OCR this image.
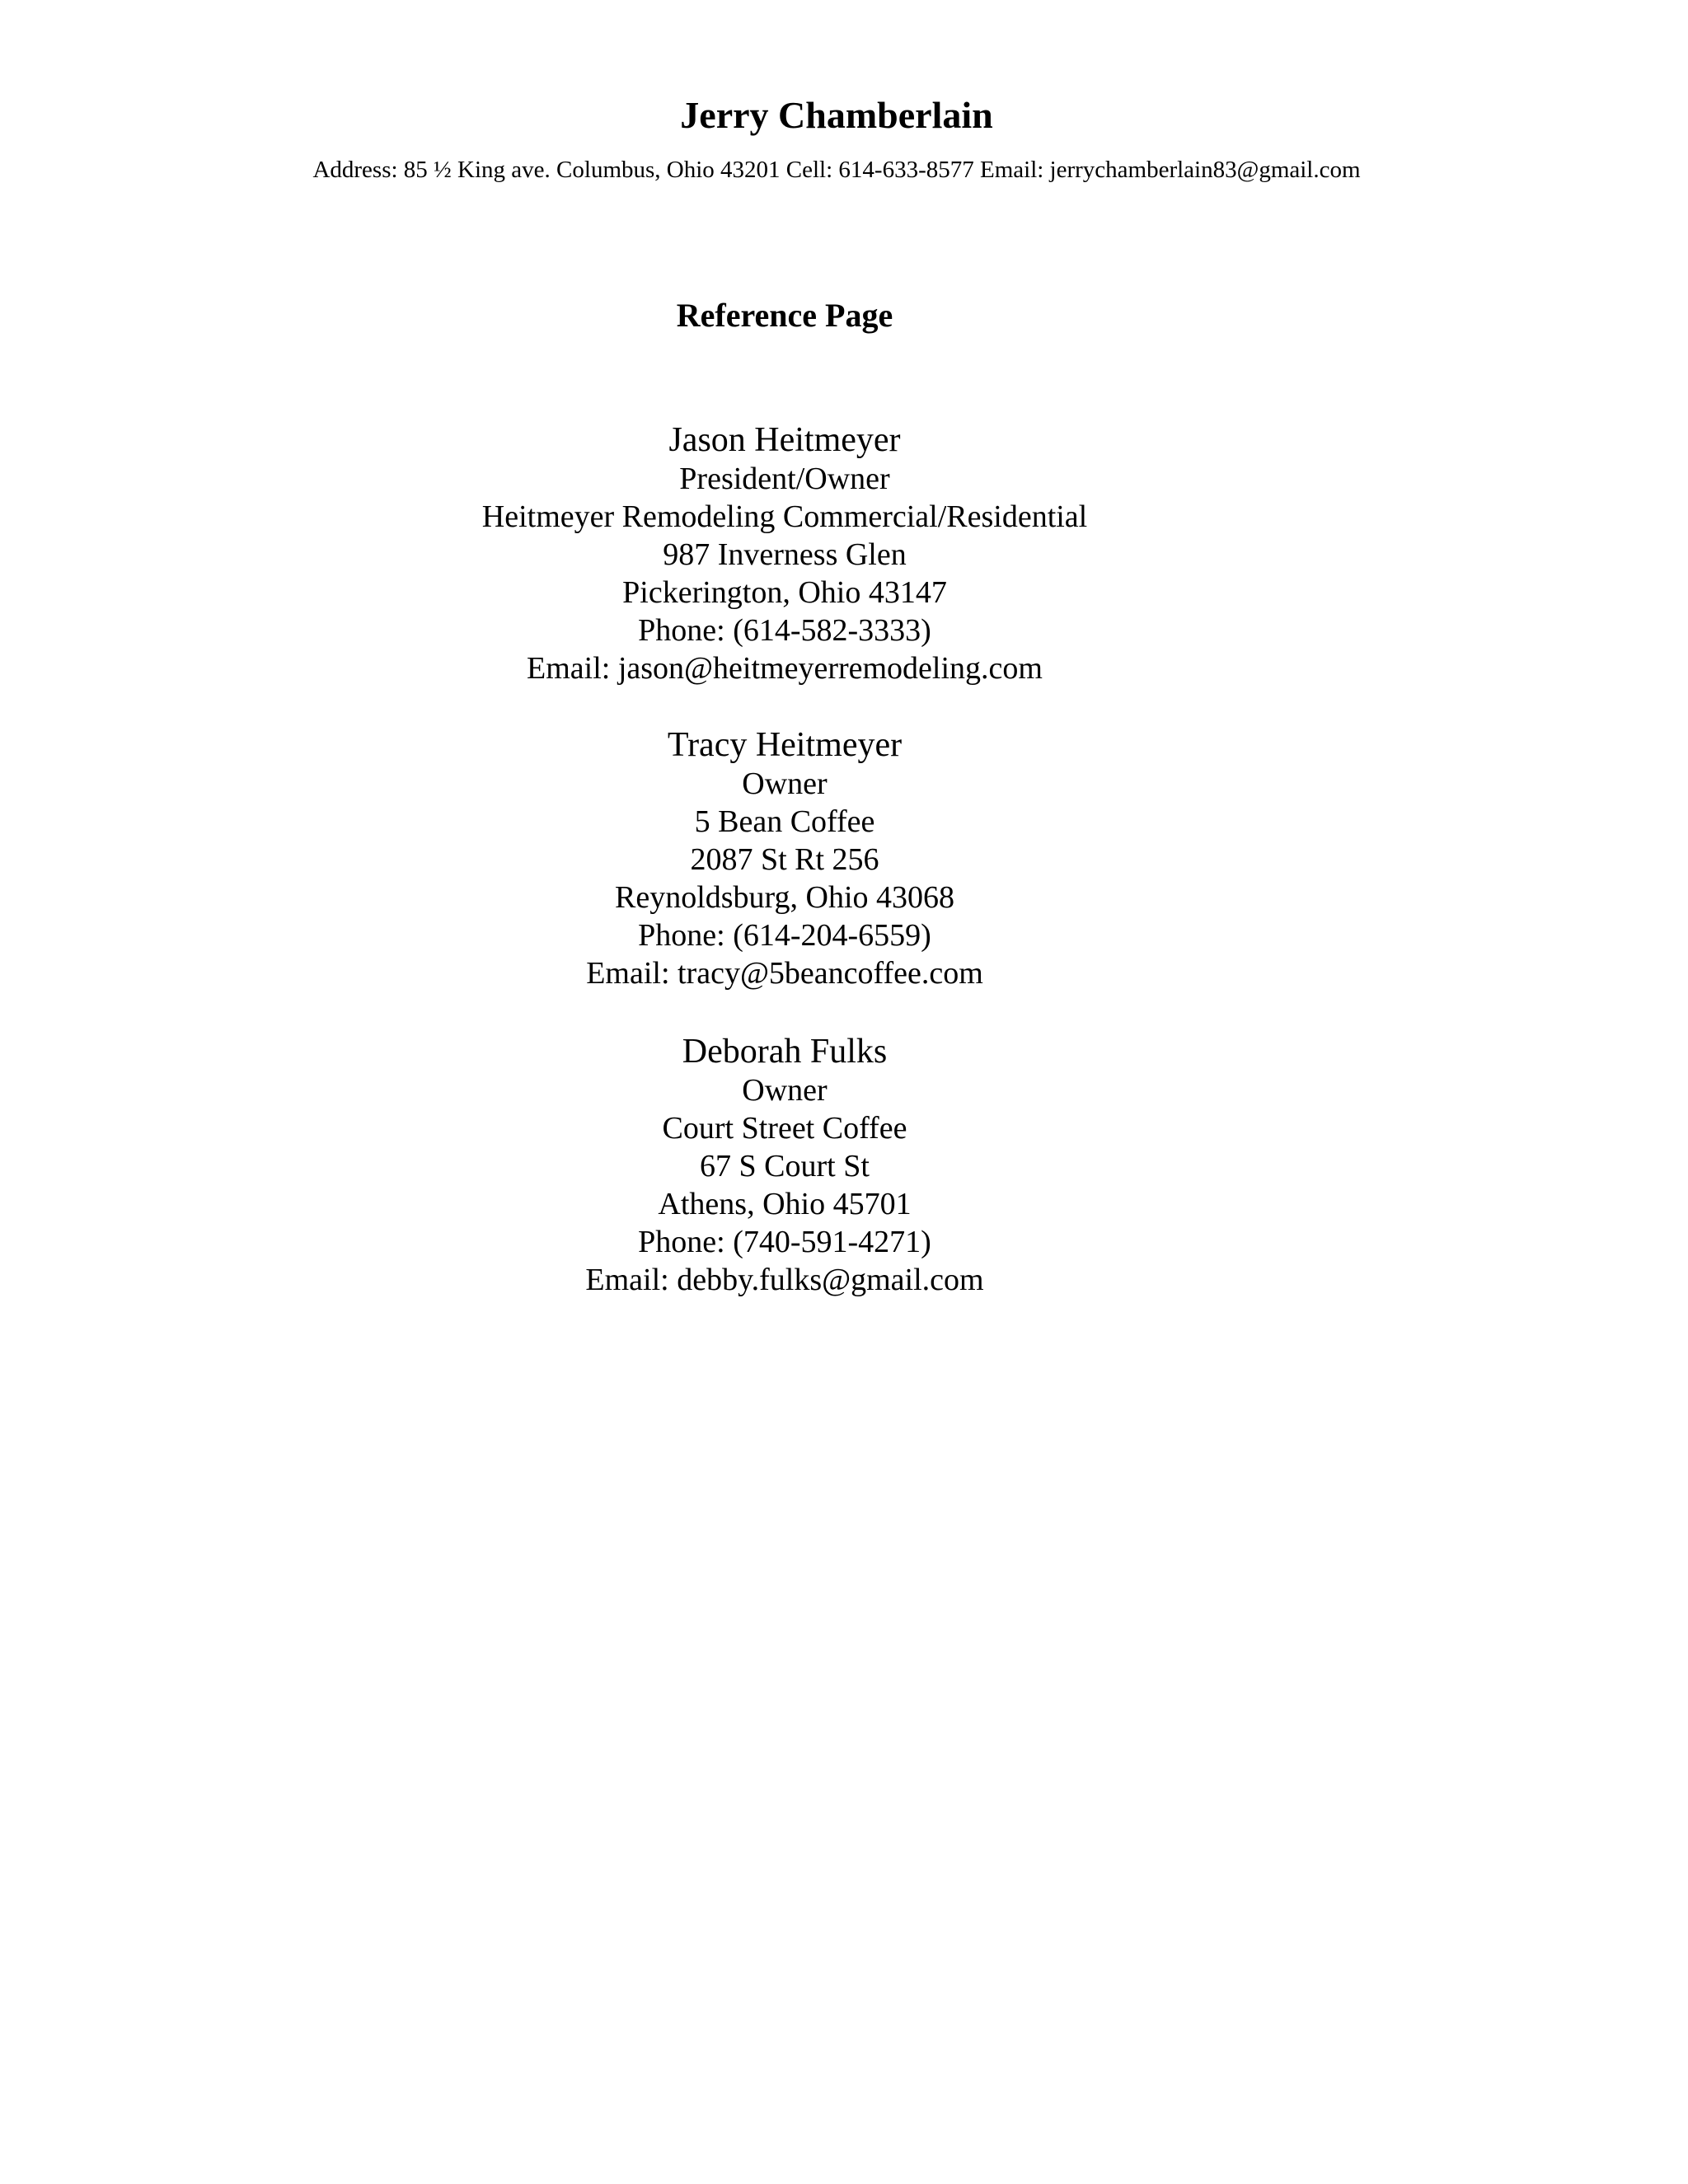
Jerry Chamberlain
Address: 85 ½ King ave. Columbus, Ohio 43201 Cell: 614-633-8577 Email: jerrychamberlain83@gmail.com
Reference Page
Jason Heitmeyer
President/Owner
Heitmeyer Remodeling Commercial/Residential
987 Inverness Glen
Pickerington, Ohio 43147
Phone: (614-582-3333)
Email: jason@heitmeyerremodeling.com
Tracy Heitmeyer
Owner
5 Bean Coffee
2087 St Rt 256
Reynoldsburg, Ohio 43068
Phone: (614-204-6559)
Email: tracy@5beancoffee.com
Deborah Fulks
Owner
Court Street Coffee
67 S Court St
Athens, Ohio 45701
Phone: (740-591-4271)
Email: debby.fulks@gmail.com
